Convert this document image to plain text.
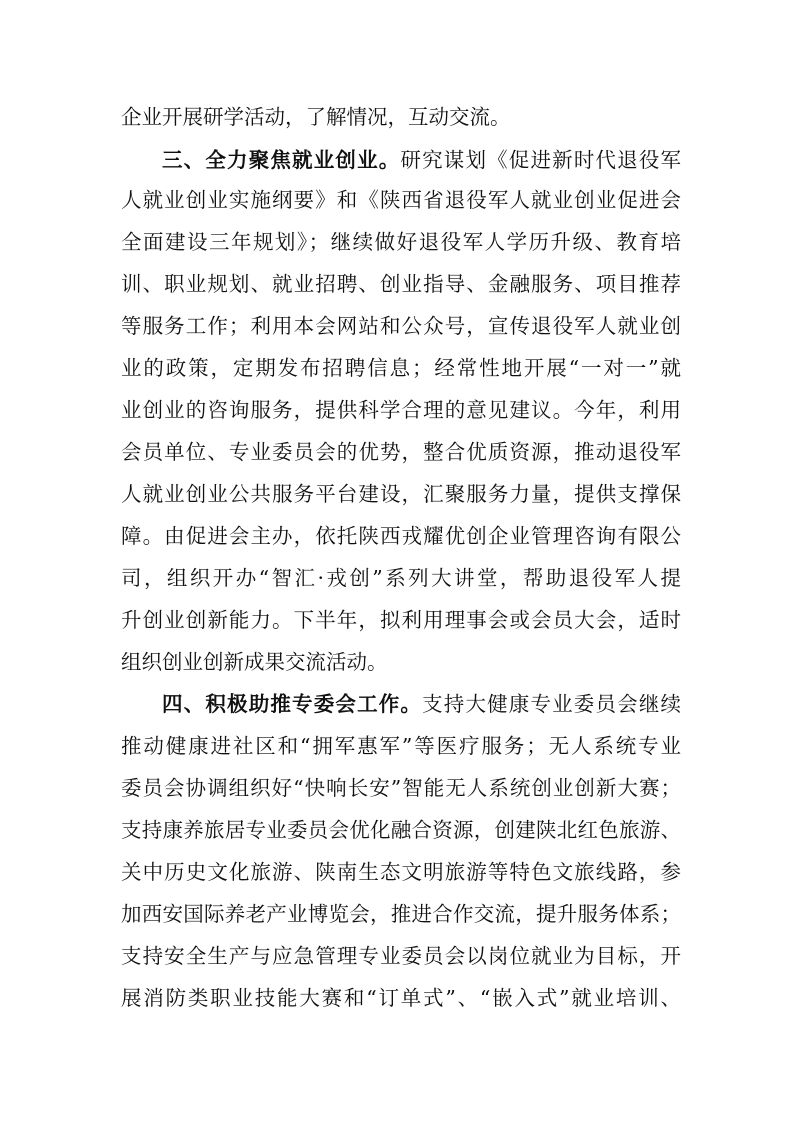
企业开展研学活动，了解情况，互动交流。
三、全力聚焦就业创业。研究谋划《促进新时代退役军
人就业创业实施纲要》和《陕西省退役军人就业创业促进会
全面建设三年规划》；继续做好退役军人学历升级、教育培
训、职业规划、就业招聘、创业指导、金融服务、项目推荐
等服务工作；利用本会网站和公众号，宣传退役军人就业创
业的政策，定期发布招聘信息；经常性地开展“一对一”就
业创业的咨询服务，提供科学合理的意见建议。今年，利用
会员单位、专业委员会的优势，整合优质资源，推动退役军
人就业创业公共服务平台建设，汇聚服务力量，提供支撑保
障。由促进会主办，依托陕西戎耀优创企业管理咨询有限公
司，组织开办“智汇·戎创”系列大讲堂，帮助退役军人提
升创业创新能力。下半年，拟利用理事会或会员大会，适时
组织创业创新成果交流活动。
四、积极助推专委会工作。支持大健康专业委员会继续
推动健康进社区和“拥军惠军”等医疗服务；无人系统专业
委员会协调组织好“快响长安”智能无人系统创业创新大赛；
支持康养旅居专业委员会优化融合资源，创建陕北红色旅游、
关中历史文化旅游、陕南生态文明旅游等特色文旅线路，参
加西安国际养老产业博览会，推进合作交流，提升服务体系；
支持安全生产与应急管理专业委员会以岗位就业为目标，开
展消防类职业技能大赛和“订单式”、“嵌入式”就业培训、
